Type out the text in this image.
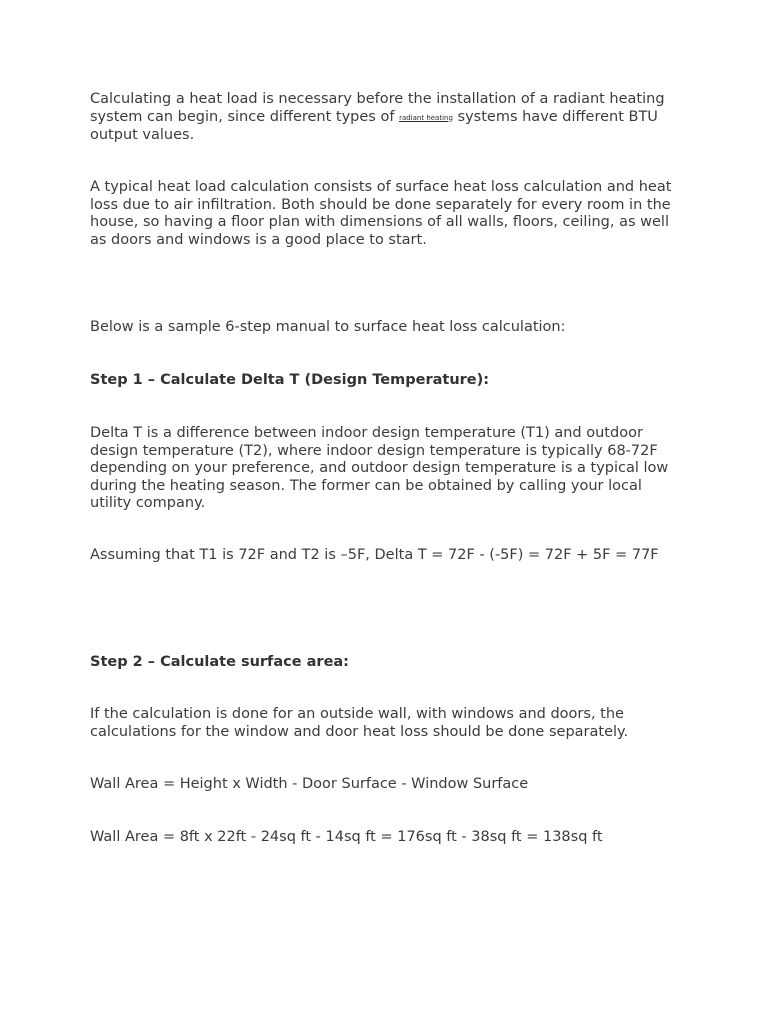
Calculating a heat load is necessary before the installation of a radiant heating system can begin, since different types of radiant heating systems have different BTU output values.

A typical heat load calculation consists of surface heat loss calculation and heat loss due to air infiltration. Both should be done separately for every room in the house, so having a floor plan with dimensions of all walls, floors, ceiling, as well as doors and windows is a good place to start.

Below is a sample 6-step manual to surface heat loss calculation:

Step 1 – Calculate Delta T (Design Temperature):

Delta T is a difference between indoor design temperature (T1) and outdoor design temperature (T2), where indoor design temperature is typically 68-72F depending on your preference, and outdoor design temperature is a typical low during the heating season. The former can be obtained by calling your local utility company.

Assuming that T1 is 72F and T2 is –5F, Delta T = 72F - (-5F) = 72F + 5F = 77F

Step 2 – Calculate surface area:

If the calculation is done for an outside wall, with windows and doors, the calculations for the window and door heat loss should be done separately.

Wall Area = Height x Width - Door Surface - Window Surface

Wall Area = 8ft x 22ft - 24sq ft - 14sq ft = 176sq ft - 38sq ft = 138sq ft
